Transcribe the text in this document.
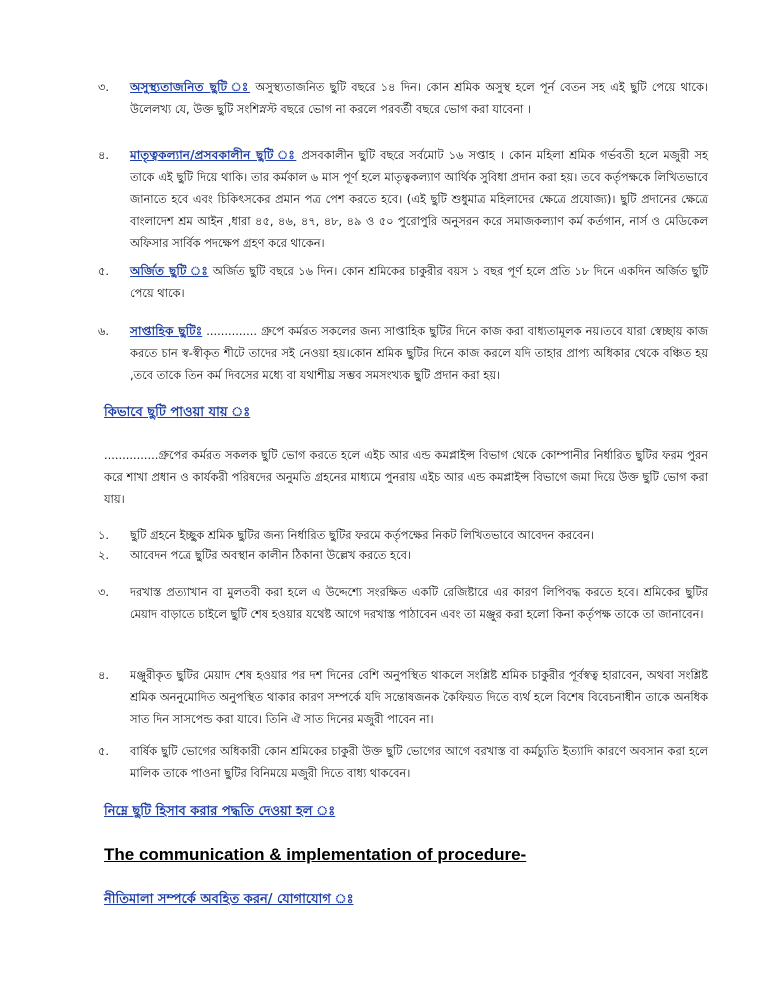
৩.	অসুস্থ্যতাজনিত ছুটি ঃ অসুস্থ্যতাজনিত ছুটি বছরে ১৪ দিন। কোন শ্রমিক অসুস্থ হলে পূর্ন বেতন সহ এই ছুটি পেয়ে থাকে। উলেলখ্য যে, উক্ত ছুটি সংশিস্নস্ট বছরে ভোগ না করলে পরবর্তী বছরে ভোগ করা যাবেনা ।
৪.	মাতৃত্বকল্যান/প্রসবকালীন ছুটি ঃ প্রসবকালীন ছুটি বছরে সর্বমোট ১৬ সপ্তাহ । কোন মহিলা শ্রমিক গর্ভবতী হলে মজুরী সহ তাকে এই ছুটি দিয়ে থাকি। তার কর্মকাল ৬ মাস পূর্ণ হলে মাতৃত্বকল্যাণ আর্থিক সুবিধা প্রদান করা হয়। তবে কর্তৃপক্ষকে লিখিতভাবে জানাতে হবে এবং চিকিৎসকের প্রমান পত্র পেশ করতে হবে। (এই ছুটি শুধুমাত্র মহিলাদের ক্ষেত্রে প্রযোজ্য)। ছুটি প্রদানের ক্ষেত্রে বাংলাদেশ শ্রম আইন ,ধারা ৪৫, ৪৬, ৪৭, ৪৮, ৪৯ ও ৫০ পুরোপুরি অনুসরন করে সমাজকল্যাণ কর্ম কর্তগান, নার্স ও মেডিকেল অফিসার সার্বিক পদক্ষেপ গ্রহণ করে থাকেন।
৫.	অর্জিত ছুটি ঃ অর্জিত ছুটি বছরে ১৬ দিন। কোন শ্রমিকের চাকুরীর বয়স ১ বছর পূর্ণ হলে প্রতি ১৮ দিনে একদিন অর্জিত ছুটি পেয়ে থাকে।
৬.	সাপ্তাহিক ছুটিঃ .............. গ্রুপে কর্মরত সকলের জন্য সাপ্তাহিক ছুটির দিনে কাজ করা বাধ্যতামূলক নয়।তবে যারা স্বেচ্ছায় কাজ করতে চান স্ব-স্বীকৃত শীটে তাদের সই নেওয়া হয়।কোন শ্রমিক ছুটির দিনে কাজ করলে যদি তাহার প্রাপ্য অধিকার থেকে বঞ্চিত হয় ,তবে তাকে তিন কর্ম দিবসের মধ্যে বা যথাশীঘ্র সম্ভব সমসংখ্যক ছুটি প্রদান করা হয়।
কিভাবে ছুটি পাওয়া যায় ঃ
...............গ্রুপের কর্মরত সকলক ছুটি ভোগ করতে হলে এইচ আর এন্ড কমপ্লাইন্স বিভাগ থেকে কোম্পানীর নির্ধারিত ছুটির ফরম পুরন করে শাখা প্রধান ও কার্যকরী পরিষদের অনুমতি গ্রহনের মাধ্যমে পুনরায় এইচ আর এন্ড কমপ্লাইন্স বিভাগে জমা দিয়ে উক্ত ছুটি ভোগ করা যায়।
১.	ছুটি গ্রহনে ইচ্ছুক শ্রমিক ছুটির জন্য নির্ধারিত ছুটির ফরমে কর্তৃপক্ষের নিকট লিখিতভাবে আবেদন করবেন।
২.	আবেদন পত্রে ছুটির অবস্থান কালীন ঠিকানা উল্লেখ করতে হবে।
৩.	দরখাস্ত প্রত্যাখান বা মুলতবী করা হলে এ উদ্দেশ্যে সংরক্ষিত একটি রেজিষ্টারে এর কারণ লিপিবদ্ধ করতে হবে। শ্রমিকের ছুটির মেয়াদ বাড়াতে চাইলে ছুটি শেষ হওয়ার যথেষ্ট আগে দরখাস্ত পাঠাবেন এবং তা মঞ্জুর করা হলো কিনা কর্তৃপক্ষ তাকে তা জানাবেন।
৪.	মঞ্জুরীকৃত ছুটির মেয়াদ শেষ হওয়ার পর দশ দিনের বেশি অনুপস্থিত থাকলে সংশ্লিষ্ট শ্রমিক চাকুরীর পূর্বস্বত্ব হারাবেন, অথবা সংশ্লিষ্ট শ্রমিক অননুমোদিত অনুপস্থিত থাকার কারণ সম্পর্কে যদি সন্তোষজনক কৈফিয়ত দিতে ব্যর্থ হলে বিশেষ বিবেচনাধীন তাকে অনধিক সাত দিন সাসপেন্ড করা যাবে। তিনি ঐ সাত দিনের মজুরী পাবেন না।
৫.	বার্ষিক ছুটি ভোগের অধিকারী কোন শ্রমিকের চাকুরী উক্ত ছুটি ভোগের আগে বরখাস্ত বা কর্মচ্যুতি ইত্যাদি কারণে অবসান করা হলে মালিক তাকে পাওনা ছুটির বিনিময়ে মজুরী দিতে বাধ্য থাকবেন।
নিম্নে ছুটি হিসাব করার পদ্ধতি দেওয়া হল ঃ
The communication & implementation of procedure-
নীতিমালা সম্পর্কে অবহিত করন/ যোগাযোগ ঃ
